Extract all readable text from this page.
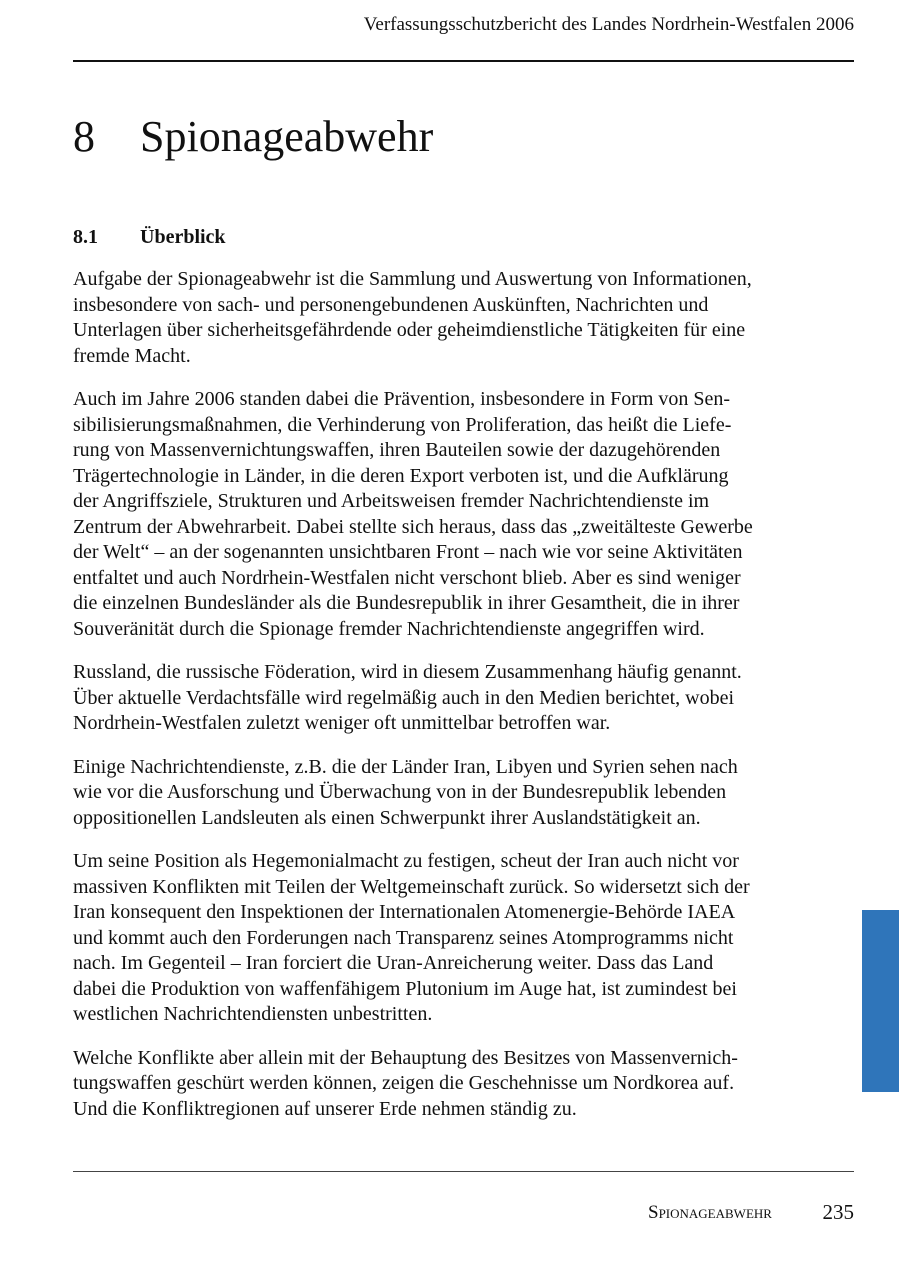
Verfassungsschutzbericht des Landes Nordrhein-Westfalen 2006
8 Spionageabwehr
8.1 Überblick

Aufgabe der Spionageabwehr ist die Sammlung und Auswertung von Informationen,
insbesondere von sach- und personengebundenen Auskünften, Nachrichten und
Unterlagen über sicherheitsgefährdende oder geheimdienstliche Tätigkeiten für eine
fremde Macht.

Auch im Jahre 2006 standen dabei die Prävention, insbesondere in Form von Sen-
sibilisierungsmaßnahmen, die Verhinderung von Proliferation, das heißt die Liefe-
rung von Massenvernichtungswaffen, ihren Bauteilen sowie der dazugehörenden
Trägertechnologie in Länder, in die deren Export verboten ist, und die Aufklärung
der Angriffsziele, Strukturen und Arbeitsweisen fremder Nachrichtendienste im
Zentrum der Abwehrarbeit. Dabei stellte sich heraus, dass das „zweitälteste Gewerbe
der Welt“ – an der sogenannten unsichtbaren Front – nach wie vor seine Aktivitäten
entfaltet und auch Nordrhein-Westfalen nicht verschont blieb. Aber es sind weniger
die einzelnen Bundesländer als die Bundesrepublik in ihrer Gesamtheit, die in ihrer
Souveränität durch die Spionage fremder Nachrichtendienste angegriffen wird.

Russland, die russische Föderation, wird in diesem Zusammenhang häufig genannt.
Über aktuelle Verdachtsfälle wird regelmäßig auch in den Medien berichtet, wobei
Nordrhein-Westfalen zuletzt weniger oft unmittelbar betroffen war.

Einige Nachrichtendienste, z.B. die der Länder Iran, Libyen und Syrien sehen nach
wie vor die Ausforschung und Überwachung von in der Bundesrepublik lebenden
oppositionellen Landsleuten als einen Schwerpunkt ihrer Auslandstätigkeit an.

Um seine Position als Hegemonialmacht zu festigen, scheut der Iran auch nicht vor
massiven Konflikten mit Teilen der Weltgemeinschaft zurück. So widersetzt sich der
Iran konsequent den Inspektionen der Internationalen Atomenergie-Behörde IAEA
und kommt auch den Forderungen nach Transparenz seines Atomprogramms nicht
nach. Im Gegenteil – Iran forciert die Uran-Anreicherung weiter. Dass das Land
dabei die Produktion von waffenfähigem Plutonium im Auge hat, ist zumindest bei
westlichen Nachrichtendiensten unbestritten.

Welche Konflikte aber allein mit der Behauptung des Besitzes von Massenvernich-
tungswaffen geschürt werden können, zeigen die Geschehnisse um Nordkorea auf.
Und die Konfliktregionen auf unserer Erde nehmen ständig zu.

Spionageabwehr 235
